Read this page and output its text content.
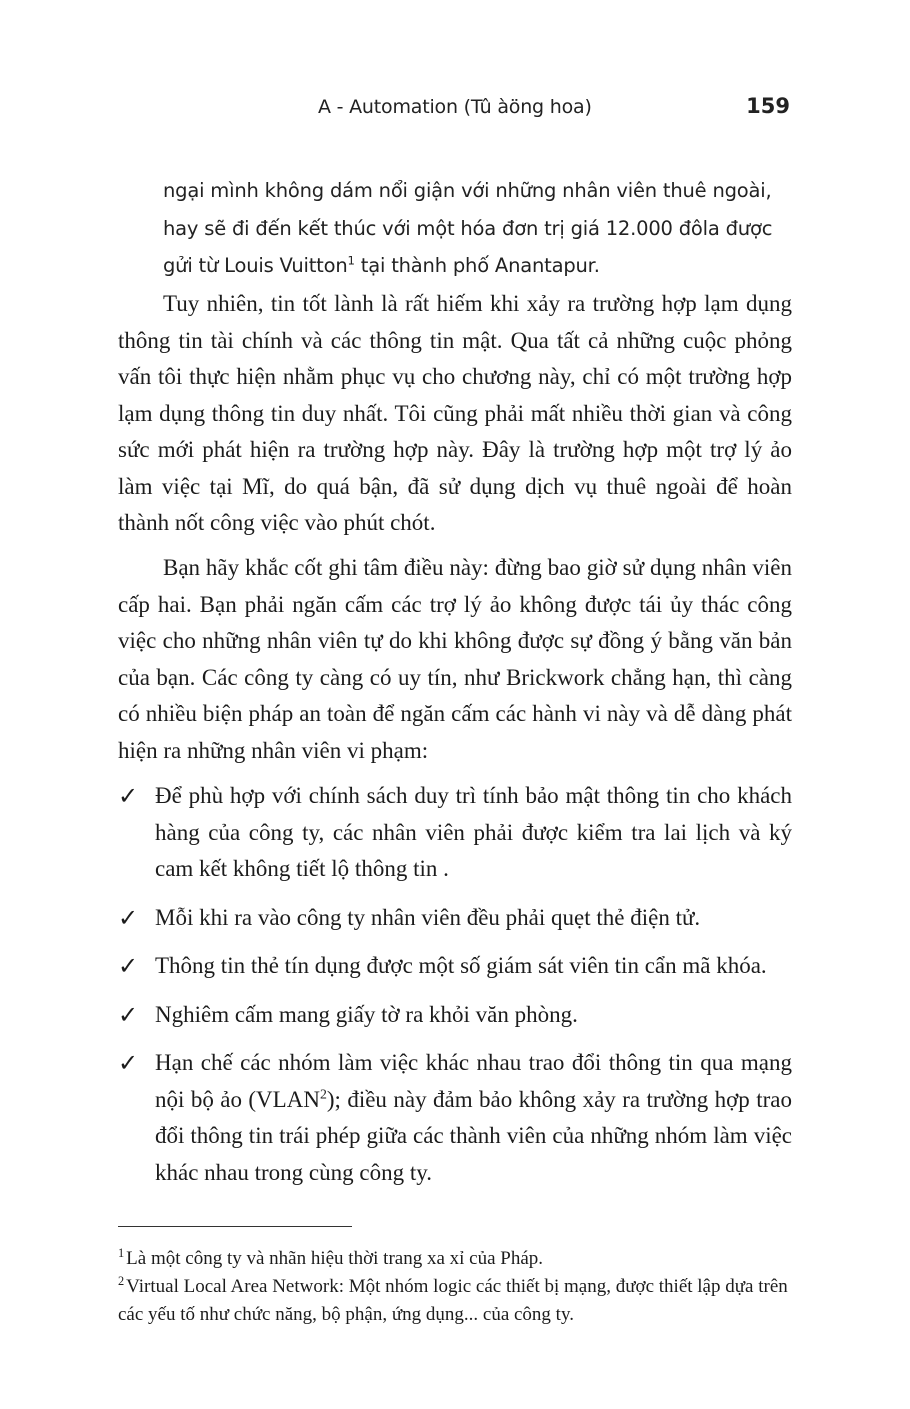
A - Automation (Tû àöng hoa)	159

ngại mình không dám nổi giận với những nhân viên thuê ngoài,

hay sẽ đi đến kết thúc với một hóa đơn trị giá 12.000 đôla được

gửi từ Louis Vuitton$^1$ tại thành phố Anantapur.

Tuy nhiên, tin tốt lành là rất hiếm khi xảy ra trường hợp lạm dụng thông tin tài chính và các thông tin mật. Qua tất cả những cuộc phỏng vấn tôi thực hiện nhằm phục vụ cho chương này, chỉ có một trường hợp lạm dụng thông tin duy nhất. Tôi cũng phải mất nhiều thời gian và công sức mới phát hiện ra trường hợp này. Đây là trường hợp một trợ lý ảo làm việc tại Mĩ, do quá bận, đã sử dụng dịch vụ thuê ngoài để hoàn thành nốt công việc vào phút chót.

Bạn hãy khắc cốt ghi tâm điều này: đừng bao giờ sử dụng nhân viên cấp hai. Bạn phải ngăn cấm các trợ lý ảo không được tái ủy thác công việc cho những nhân viên tự do khi không được sự đồng ý bằng văn bản của bạn. Các công ty càng có uy tín, như Brickwork chẳng hạn, thì càng có nhiều biện pháp an toàn để ngăn cấm các hành vi này và dễ dàng phát hiện ra những nhân viên vi phạm:

✓ Để phù hợp với chính sách duy trì tính bảo mật thông tin cho khách hàng của công ty, các nhân viên phải được kiểm tra lai lịch và ký cam kết không tiết lộ thông tin .
✓ Mỗi khi ra vào công ty nhân viên đều phải quẹt thẻ điện tử.
✓ Thông tin thẻ tín dụng được một số giám sát viên tin cẩn mã khóa.
✓ Nghiêm cấm mang giấy tờ ra khỏi văn phòng.
✓ Hạn chế các nhóm làm việc khác nhau trao đổi thông tin qua mạng nội bộ ảo (VLAN$^2$); điều này đảm bảo không xảy ra trường hợp trao đổi thông tin trái phép giữa các thành viên của những nhóm làm việc khác nhau trong cùng công ty.

$^1$ Là một công ty và nhãn hiệu thời trang xa xỉ của Pháp.

$^2$ Virtual Local Area Network: Một nhóm logic các thiết bị mạng, được thiết lập dựa trên các yếu tố như chức năng, bộ phận, ứng dụng... của công ty.
